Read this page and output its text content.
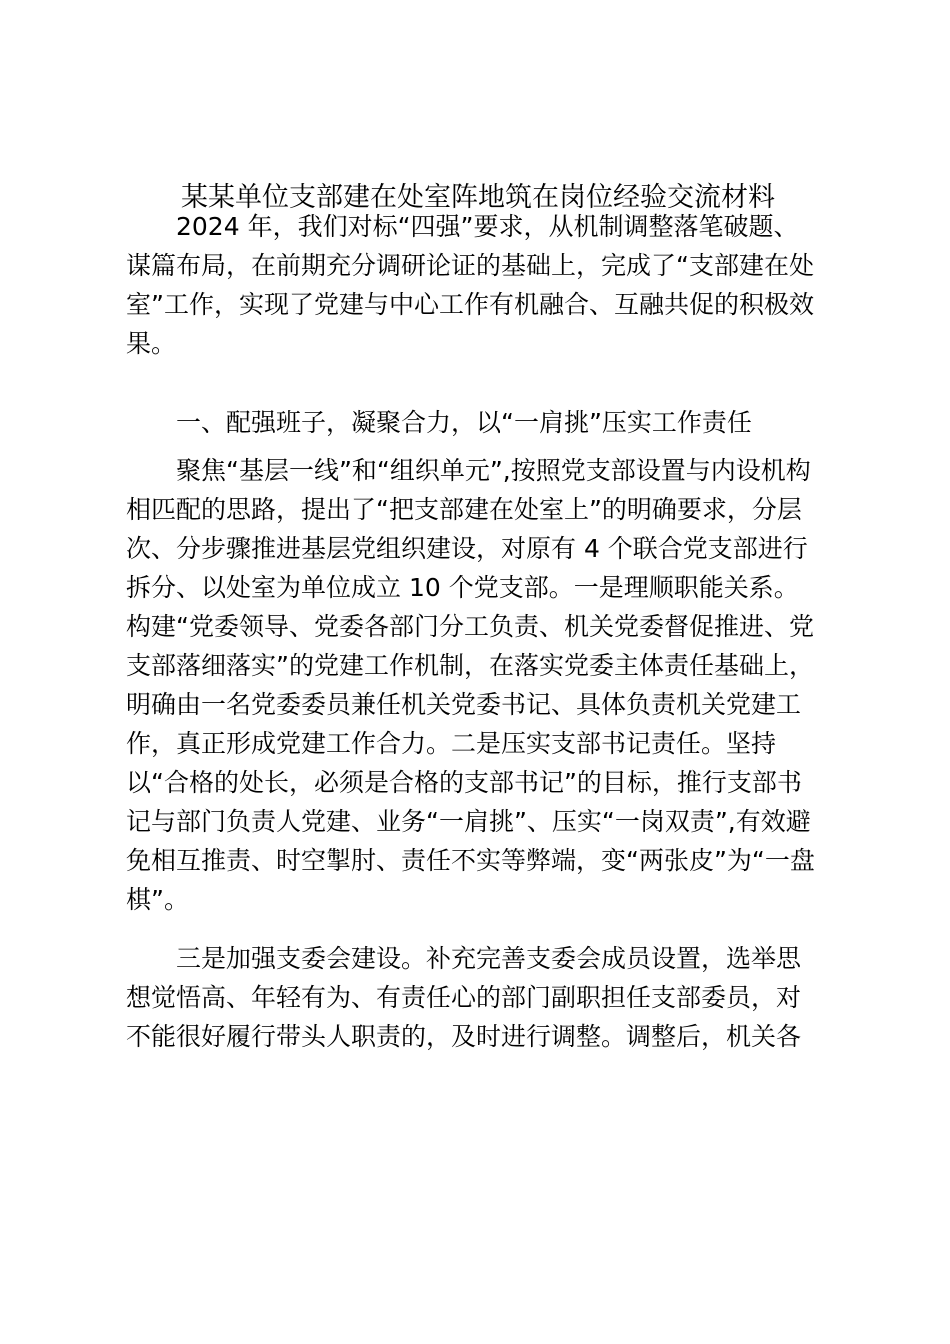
某某单位支部建在处室阵地筑在岗位经验交流材料
2024 年，我们对标“四强”要求，从机制调整落笔破题、
谋篇布局，在前期充分调研论证的基础上，完成了“支部建在处
室”工作，实现了党建与中心工作有机融合、互融共促的积极效
果。
一、配强班子，凝聚合力，以“一肩挑”压实工作责任
聚焦“基层一线”和“组织单元”,按照党支部设置与内设机构
相匹配的思路，提出了“把支部建在处室上”的明确要求，分层
次、分步骤推进基层党组织建设，对原有 4 个联合党支部进行
拆分、以处室为单位成立 10 个党支部。一是理顺职能关系。
构建“党委领导、党委各部门分工负责、机关党委督促推进、党
支部落细落实”的党建工作机制，在落实党委主体责任基础上，
明确由一名党委委员兼任机关党委书记、具体负责机关党建工
作，真正形成党建工作合力。二是压实支部书记责任。坚持
以“合格的处长，必须是合格的支部书记”的目标，推行支部书
记与部门负责人党建、业务“一肩挑”、压实“一岗双责”,有效避
免相互推责、时空掣肘、责任不实等弊端，变“两张皮”为“一盘
棋”。
三是加强支委会建设。补充完善支委会成员设置，选举思
想觉悟高、年轻有为、有责任心的部门副职担任支部委员，对
不能很好履行带头人职责的，及时进行调整。调整后，机关各
